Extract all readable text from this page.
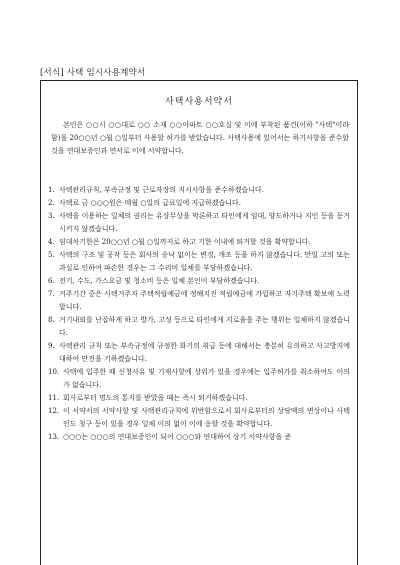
[서식] 사택 임시사용계약서
사택사용서약서

본인은 ○○시 ○○대로 ○○ 소재 ○○아파트 ○○호실 및 이에 부착된 품건(이하 "사택"이라 함)을 20○○년 ○월 ○일부터 사용할 허가를 받았습니다. 사택사용에 있어서는 하기사항을 준수할 것을 연대보증인과 연서로 이에 서약합니다.

1. 사택관리규칙, 부속규정 및 근로자장의 지시사항을 준수하겠습니다.
2. 사택료 금 ○○○원은 매월 ○일의 급료일에 지급하겠습니다.
3. 사택을 이용하는 일체의 권리는 유상무상을 막론하고 타인에게 임대, 양도하거나 지인 등을 동거시키지 않겠습니다.
4. 임대차기한은 20○○년 ○월 ○일까지로 하고 기한 이내에 퇴거할 것을 확약합니다.
5. 사택의 구조 및 공작 등은 회사의 승낙 없이는 변경, 개조 등을 하지 않겠습니다. 만일 고의 또는 과실로 인하여 파손한 경우는 그 수리비 일체를 부담하겠습니다.
6. 전기, 수도, 가스요금 및 청소비 등은 일체 본인이 부담하겠습니다.
7. 거주기간 중은 사택거주자 주택적립예금에 정해지진 적립예금에 가입하고 자기주택 확보에 노력합니다.
8. 거기내외를 난잡하게 하고 방가, 고성 등으로 타인에게 지로움을 주는 행위는 일체하지 않겠습니다.
9. 사택관리 규칙 또는 부속규정에 규정한 화기의 취급 등에 대해서는 충분히 유의하고 사고방지에 대하여 만전을 기하겠습니다.
10. 사택에 입주한 때 신청사유 및 기재사항에 상위가 있을 경우에는 입주허가를 취소하여도 이의가 없습니다.
11. 회사로부터 명도의 통지를 받았을 때는 즉시 퇴거하겠습니다.
12. 이 서약서의 서약사항 및 사택관리규칙에 위반함으로서 회사로부터의 상당액의 변상이나 사택인도 청구 등이 있을 경우 일체 이의 없이 이에 응할 것을 확약합니다.
13. ○○○는 ○○○의 연대보증인이 되어 ○○○와 연대하여 상기 서약사항을 준
